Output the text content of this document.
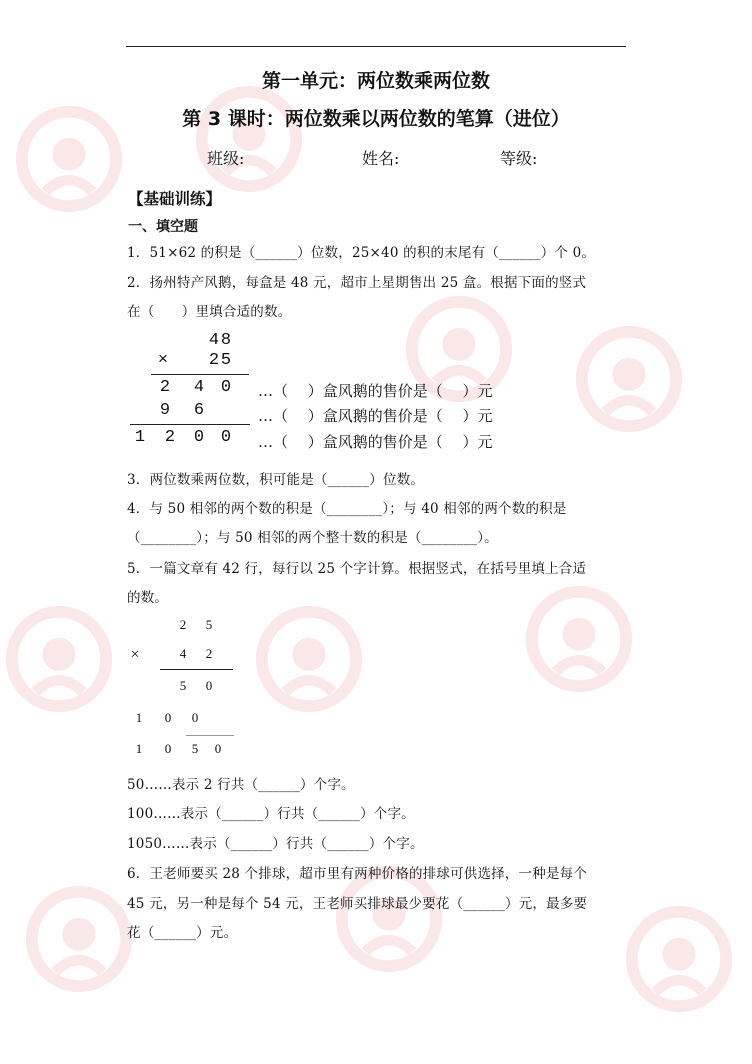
第一单元：两位数乘两位数
第 3 课时：两位数乘以两位数的笔算（进位）
班级:	姓名:	等级:
【基础训练】
一、填空题
1．51×62 的积是（______）位数，25×40 的积的末尾有（______）个 0。
2．扬州特产风鹅，每盒是 48 元，超市上星期售出 25 盒。根据下面的竖式
在（　　）里填合适的数。
4 8
× 2 5
2 4 0
9 6
1 2 0 0
…（　 ）盒风鹅的售价是（　 ）元
…（　 ）盒风鹅的售价是（　 ）元
…（　 ）盒风鹅的售价是（　 ）元
3．两位数乘两位数，积可能是（______）位数。
4．与 50 相邻的两个数的积是（________）；与 40 相邻的两个数的积是
（________）；与 50 相邻的两个整十数的积是（________）。
5．一篇文章有 42 行，每行以 25 个字计算。根据竖式，在括号里填上合适
的数。
2	5
×	4	2
5	0
1	0	0
1	0	5	0
50……表示 2 行共（______）个字。
100……表示（______）行共（______）个字。
1050……表示（______）行共（______）个字。
6．王老师要买 28 个排球，超市里有两种价格的排球可供选择，一种是每个
45 元，另一种是每个 54 元，王老师买排球最少要花（______）元，最多要
花（______）元。
